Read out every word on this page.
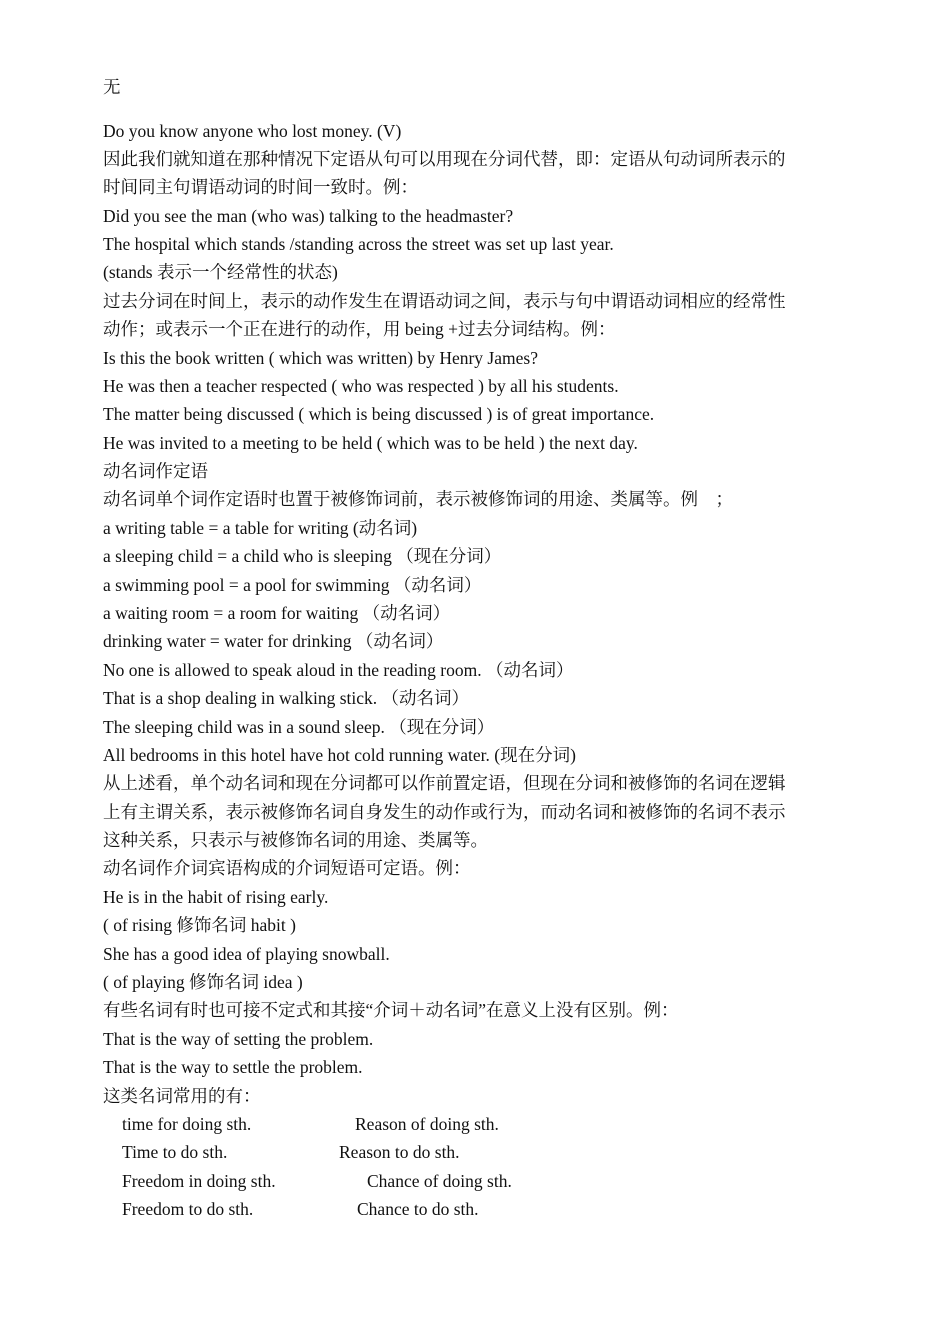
无
Do you know anyone who lost money. (V)
因此我们就知道在那种情况下定语从句可以用现在分词代替，即：定语从句动词所表示的
时间同主句谓语动词的时间一致时。例：
Did you see the man (who was) talking to the headmaster?
The hospital which stands /standing across the street was set up last year.
(stands 表示一个经常性的状态)
过去分词在时间上，表示的动作发生在谓语动词之间，表示与句中谓语动词相应的经常性
动作；或表示一个正在进行的动作，用 being +过去分词结构。例：
Is this the book written ( which was written) by Henry James?
He was then a teacher respected ( who was respected ) by all his students.
The matter being discussed ( which is being discussed ) is of great importance.
He was invited to a meeting to be held ( which was to be held ) the next day.
动名词作定语
动名词单个词作定语时也置于被修饰词前，表示被修饰词的用途、类属等。例　；
a writing table = a table for writing (动名词)
a sleeping child = a child who is sleeping （现在分词）
a swimming pool = a pool for swimming （动名词）
a waiting room = a room for waiting （动名词）
drinking water = water for drinking （动名词）
No one is allowed to speak aloud in the reading room. （动名词）
That is a shop dealing in walking stick. （动名词）
The sleeping child was in a sound sleep. （现在分词）
All bedrooms in this hotel have hot cold running water. (现在分词)
从上述看，单个动名词和现在分词都可以作前置定语，但现在分词和被修饰的名词在逻辑
上有主谓关系，表示被修饰名词自身发生的动作或行为，而动名词和被修饰的名词不表示
这种关系，只表示与被修饰名词的用途、类属等。
动名词作介词宾语构成的介词短语可定语。例：
He is in the habit of rising early.
( of rising 修饰名词 habit )
She has a good idea of playing snowball.
( of playing 修饰名词 idea )
有些名词有时也可接不定式和其接“介词＋动名词”在意义上没有区别。例：
That is the way of setting the problem.
That is the way to settle the problem.
这类名词常用的有：
time for doing sth.	Reason of doing sth.
Time to do sth.	Reason to do sth.
Freedom in doing sth.	Chance of doing sth.
Freedom to do sth.	Chance to do sth.
